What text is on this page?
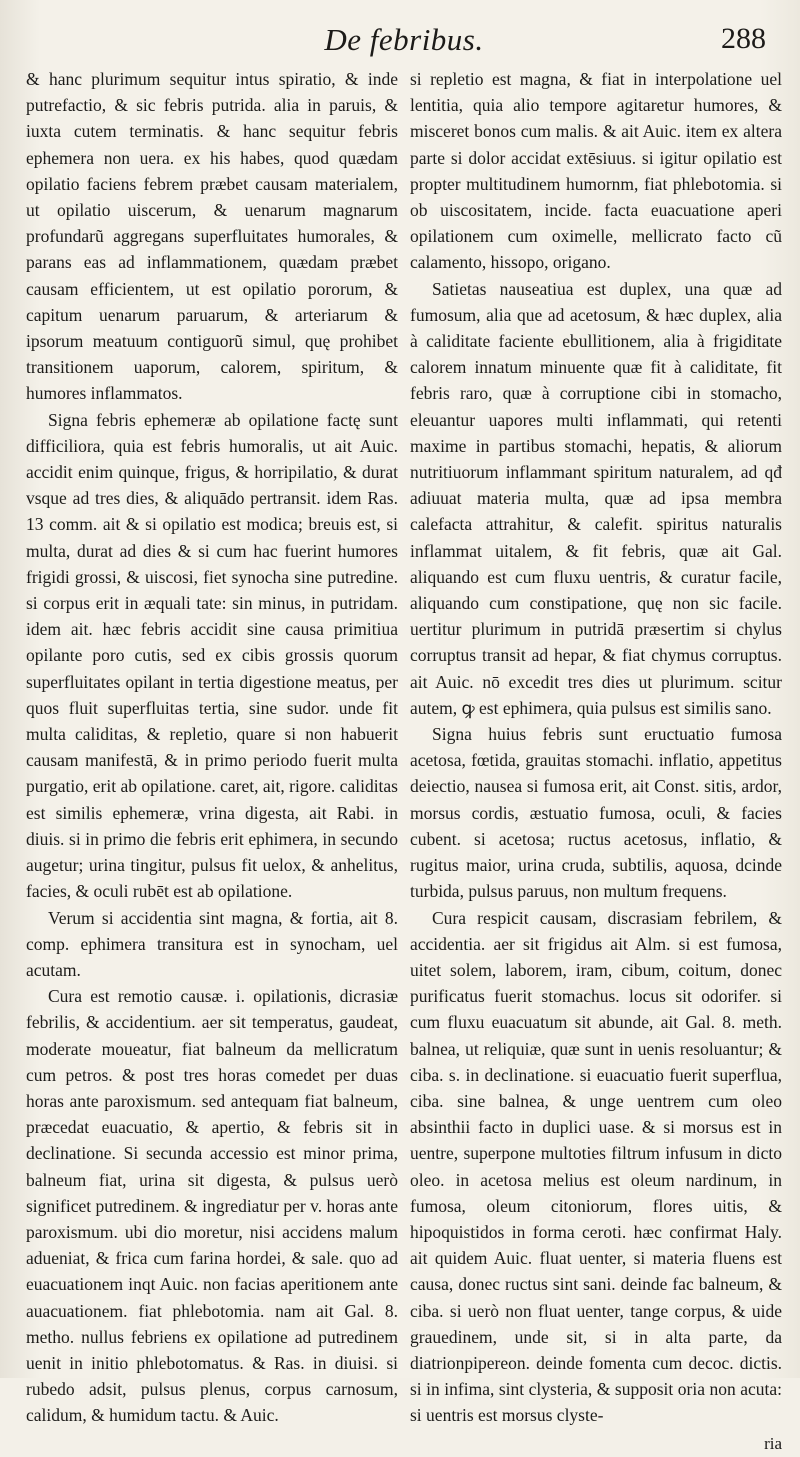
De febribus.	288

& hanc plurimum sequitur intus spiratio, & inde putrefactio, & sic febris putrida. alia in paruis, & iuxta cutem terminatis. & hanc sequitur febris ephemera non uera. ex his habes, quod quædam opilatio faciens febrem præbet causam materialem, ut opilatio uiscerum, & uenarum magnarum profundarũ aggregans superfluitates humorales, & parans eas ad inflammationem, quædam præbet causam efficientem, ut est opilatio pororum, & capitum uenarum paruarum, & arteriarum & ipsorum meatuum contiguorũ simul, quę prohibet transitionem uaporum, calorem, spiritum, & humores inflammatos.

Signa febris ephemeræ ab opilatione factę sunt difficiliora, quia est febris humoralis, ut ait Auic. accidit enim quinque, frigus, & horripilatio, & durat vsque ad tres dies, & aliquādo pertransit. idem Ras. 13 comm. ait & si opilatio est modica; breuis est, si multa, durat ad dies & si cum hac fuerint humores frigidi grossi, & uiscosi, fiet synocha sine putredine. si corpus erit in æquali tate: sin minus, in putridam. idem ait. hæc febris accidit sine causa primitiua opilante poro cutis, sed ex cibis grossis quorum superfluitates opilant in tertia digestione meatus, per quos fluit superfluitas tertia, sine sudor. unde fit multa caliditas, & repletio, quare si non habuerit causam manifestā, & in primo periodo fuerit multa purgatio, erit ab opilatione. caret, ait, rigore. caliditas est similis ephemeræ, vrina digesta, ait Rabi. in diuis. si in primo die febris erit ephimera, in secundo augetur; urina tingitur, pulsus fit uelox, & anhelitus, facies, & oculi rubēt est ab opilatione.

Verum si accidentia sint magna, & fortia, ait 8. comp. ephimera transitura est in synocham, uel acutam.

Cura est remotio causæ. i. opilationis, dicrasiæ febrilis, & accidentium. aer sit temperatus, gaudeat, moderate moueatur, fiat balneum da mellicratum cum petros. & post tres horas comedet per duas horas ante paroxismum. sed antequam fiat balneum, præcedat euacuatio, & apertio, & febris sit in declinatione. Si secunda accessio est minor prima, balneum fiat, urina sit digesta, & pulsus uerò significet putredinem. & ingrediatur per v. horas ante paroxismum. ubi dio moretur, nisi accidens malum adueniat, & frica cum farina hordei, & sale. quo ad euacuationem inqt Auic. non facias aperitionem ante auacuationem. fiat phlebotomia. nam ait Gal. 8. metho. nullus febriens ex opilatione ad putredinem uenit in initio phlebotomatus. & Ras. in diuisi. si rubedo adsit, pulsus plenus, corpus carnosum, calidum, & humidum tactu. & Auic.

si repletio est magna, & fiat in interpolatione uel lentitia, quia alio tempore agitaretur humores, & misceret bonos cum malis. & ait Auic. item ex altera parte si dolor accidat extēsiuus. si igitur opilatio est propter multitudinem humornm, fiat phlebotomia. si ob uiscositatem, incide. facta euacuatione aperi opilationem cum oximelle, mellicrato facto cũ calamento, hissopo, origano.

Satietas nauseatiua est duplex, una quæ ad fumosum, alia que ad acetosum, & hæc duplex, alia à caliditate faciente ebullitionem, alia à frigiditate calorem innatum minuente quæ fit à caliditate, fit febris raro, quæ à corruptione cibi in stomacho, eleuantur uapores multi inflammati, qui retenti maxime in partibus stomachi, hepatis, & aliorum nutritiuorum inflammant spiritum naturalem, ad qđ adiuuat materia multa, quæ ad ipsa membra calefacta attrahitur, & calefit. spiritus naturalis inflammat uitalem, & fit febris, quæ ait Gal. aliquando est cum fluxu uentris, & curatur facile, aliquando cum constipatione, quę non sic facile. uertitur plurimum in putridā præsertim si chylus corruptus transit ad hepar, & fiat chymus corruptus. ait Auic. nō excedit tres dies ut plurimum. scitur autem, ꝙ est ephimera, quia pulsus est similis sano.

Signa huius febris sunt eructuatio fumosa acetosa, fœtida, grauitas stomachi. inflatio, appetitus deiectio, nausea si fumosa erit, ait Const. sitis, ardor, morsus cordis, æstuatio fumosa, oculi, & facies cubent. si acetosa; ructus acetosus, inflatio, & rugitus maior, urina cruda, subtilis, aquosa, dcinde turbida, pulsus paruus, non multum frequens.

Cura respicit causam, discrasiam febrilem, & accidentia. aer sit frigidus ait Alm. si est fumosa, uitet solem, laborem, iram, cibum, coitum, donec purificatus fuerit stomachus. locus sit odorifer. si cum fluxu euacuatum sit abunde, ait Gal. 8. meth. balnea, ut reliquiæ, quæ sunt in uenis resoluantur; & ciba. s. in declinatione. si euacuatio fuerit superflua, ciba. sine balnea, & unge uentrem cum oleo absinthii facto in duplici uase. & si morsus est in uentre, superpone multoties filtrum infusum in dicto oleo. in acetosa melius est oleum nardinum, in fumosa, oleum citoniorum, flores uitis, & hipoquistidos in forma ceroti. hæc confirmat Haly. ait quidem Auic. fluat uenter, si materia fluens est causa, donec ructus sint sani. deinde fac balneum, & ciba. si uerò non fluat uenter, tange corpus, & uide grauedinem, unde sit, si in alta parte, da diatrionpipereon. deinde fomenta cum decoc. dictis. si in infima, sint clysteria, & supposit oria non acuta: si uentris est morsus clyste-

ria
